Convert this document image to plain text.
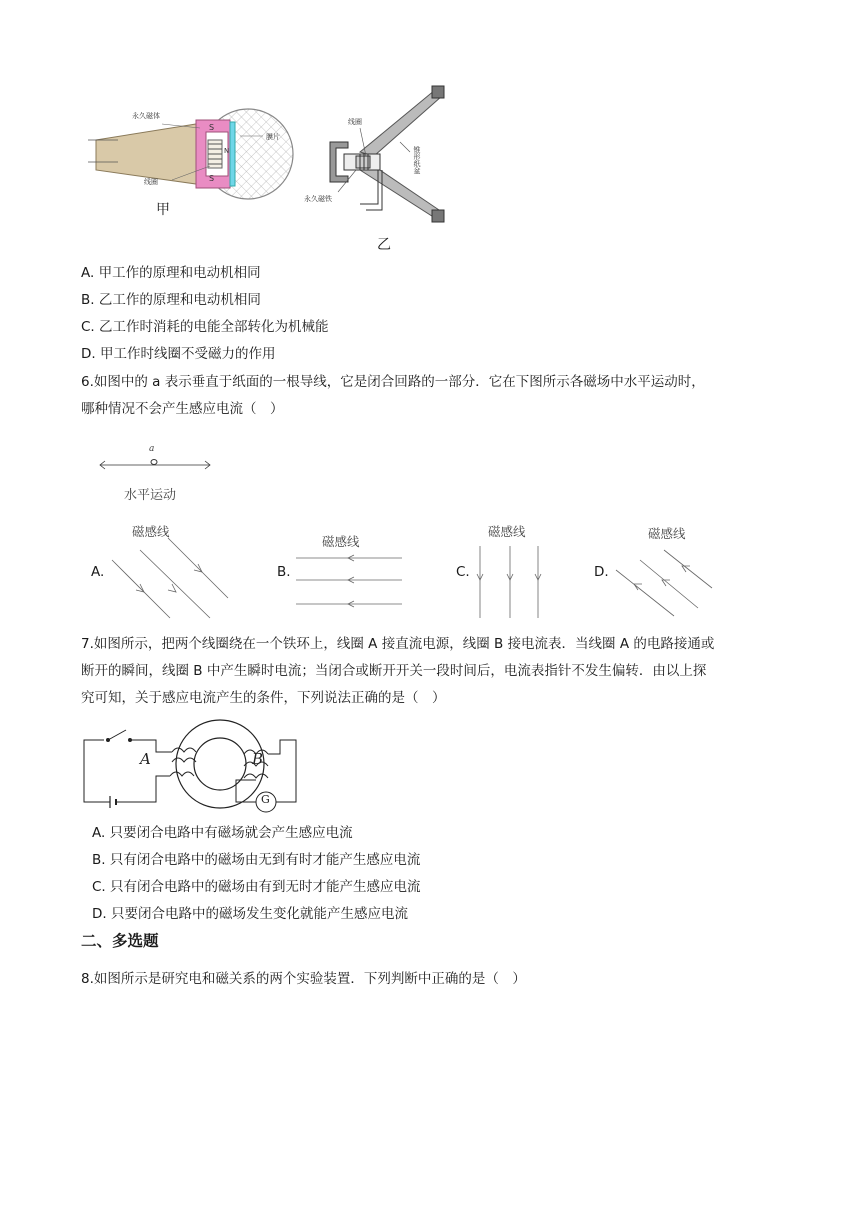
永久磁体
膜片
线圈
S
S
N
甲
线圈
锥形纸盆
永久磁铁
乙
A. 甲工作的原理和电动机相同
B. 乙工作的原理和电动机相同
C. 乙工作时消耗的电能全部转化为机械能
D. 甲工作时线圈不受磁力的作用
6.如图中的 a 表示垂直于纸面的一根导线，它是闭合回路的一部分．它在下图所示各磁场中水平运动时，
哪种情况不会产生感应电流（　）
a
水平运动
A.
磁感线
B.
磁感线
C.
磁感线
D.
磁感线
7.如图所示，把两个线圈绕在一个铁环上，线圈 A 接直流电源，线圈 B 接电流表．当线圈 A 的电路接通或
断开的瞬间，线圈 B 中产生瞬时电流；当闭合或断开开关一段时间后，电流表指针不发生偏转．由以上探
究可知，关于感应电流产生的条件，下列说法正确的是（　）
A	B
G
A. 只要闭合电路中有磁场就会产生感应电流
B. 只有闭合电路中的磁场由无到有时才能产生感应电流
C. 只有闭合电路中的磁场由有到无时才能产生感应电流
D. 只要闭合电路中的磁场发生变化就能产生感应电流
二、多选题
8.如图所示是研究电和磁关系的两个实验装置．下列判断中正确的是（　）
